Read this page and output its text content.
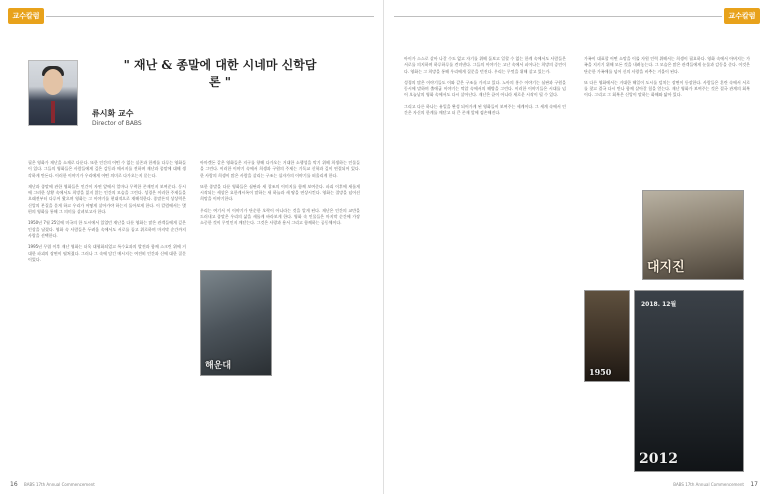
교수칼럼
" 재난 & 종말에 대한 시네마 신학담론 "
류시화 교수
Director of BABS

필은 영화가 재난을 소재로 다룬다. 또한 인간의 어떤 수 없는 실존과 한계를 다루는 영화들이 있다. 그들의 영화들은 사람들에게 깊은 감동과 메시지를 전하며 재난과 종말에 대해 생각하게 만든다. 이러한 이야기가 우리에게 어떤 의미로 다가오는지 묻는다.

재난과 종말에 관한 영화들은 인간이 자연 앞에서 얼마나 무력한 존재인지 보여준다. 동시에 그러한 상황 속에서도 희망을 잃지 않는 인간의 모습을 그린다. 성경은 이러한 주제들을 오래전부터 다루어 왔으며 영화는 그 이야기를 현대적으로 재해석한다. 종말론적 상상력은 신앙의 본질을 묻게 하고 우리가 어떻게 살아가야 하는지 돌아보게 한다. 이 칼럼에서는 몇 편의 영화를 통해 그 의미를 살펴보고자 한다.

1950년 7월 25일에 미국의 한 도시에서 있었던 재난을 다룬 영화는 많은 관객들에게 깊은 인상을 남겼다. 영화 속 사람들은 두려움 속에서도 서로를 돕고 위로하며 마지막 순간까지 사랑을 선택한다.

1995년 무렵 이후 재난 영화는 더욱 대형화되었고 특수효과의 발전과 함께 스크린 위에 거대한 파괴의 장면이 펼쳐졌다. 그러나 그 속에 담긴 메시지는 여전히 인간과 신에 대한 질문이었다.

아마겟돈 같은 영화들은 지구를 향해 다가오는 거대한 소행성을 막기 위해 희생하는 인물들을 그린다. 이러한 이야기 속에서 희생과 구원의 주제는 기독교 신학과 깊이 연결되어 있다. 한 사람의 희생이 많은 사람을 살리는 구조는 십자가의 이야기를 떠올리게 한다.

또한 종말을 다룬 영화들은 심판과 새 창조의 이미지를 함께 보여준다. 파괴 이후에 새롭게 시작되는 세상은 요한계시록이 말하는 새 하늘과 새 땅을 연상시킨다. 영화는 절망을 넘어선 희망을 이야기한다.

우리는 여기서 이 이야기가 단순한 오락이 아니라는 것을 알게 된다. 재난은 인간의 교만을 드러내고 종말은 우리의 삶을 새롭게 바라보게 한다. 영화 속 인물들은 마지막 순간에 가장 소중한 것이 무엇인지 깨닫는다. 그것은 사랑과 용서 그리고 함께하는 공동체이다.

해운대
16 BABS 17th Annual Commencement
교수칼럼

아이가 스스로 살아 나갈 수도 없고 자기를 위해 돌보고 일할 수 없는 한계 속에서도 사람들은 서로를 의지하며 하루하루를 견뎌낸다. 그들의 이야기는 고난 속에서 피어나는 희망의 증언이다. 영화는 그 희망을 통해 우리에게 질문을 던진다. 우리는 무엇을 위해 살고 있는가.

성경의 많은 이야기들도 이와 같은 구조를 가지고 있다. 노아의 홍수 이야기는 심판과 구원을 동시에 말하며 출애굽 이야기는 억압 속에서의 해방을 그린다. 이러한 이야기들은 시대를 넘어 오늘날의 영화 속에서도 다시 살아난다. 재난은 끝이 아니라 새로운 시작이 될 수 있다.

그리고 다른 하나는 유일을 완성 되어가게 된 영화들이 보여주는 세계이다. 그 세계 속에서 인간은 자신의 한계를 깨닫고 더 큰 존재 앞에 겸손해진다.

가족이 대표할 어떤 소망을 이룰 자원 인력 위해서는 희생이 필요하다. 영화 속에서 아버지는 가족을 지키기 위해 모든 것을 내려놓는다. 그 모습은 많은 관객들에게 눈물과 감동을 준다. 이것은 단순한 가족애를 넘어 신의 사랑을 비추는 거울이 된다.

또 다른 영화에서는 거대한 해일이 도시를 덮치는 장면이 등장한다. 사람들은 혼란 속에서 서로를 찾고 결국 다시 만나 함께 살아갈 힘을 얻는다. 재난 영화가 보여주는 것은 결국 관계의 회복이다. 그리고 그 회복은 신앙이 말하는 화해와 닮아 있다.

대지진
1950
2018. 12월
2012
BABS 17th Annual Commencement 17
